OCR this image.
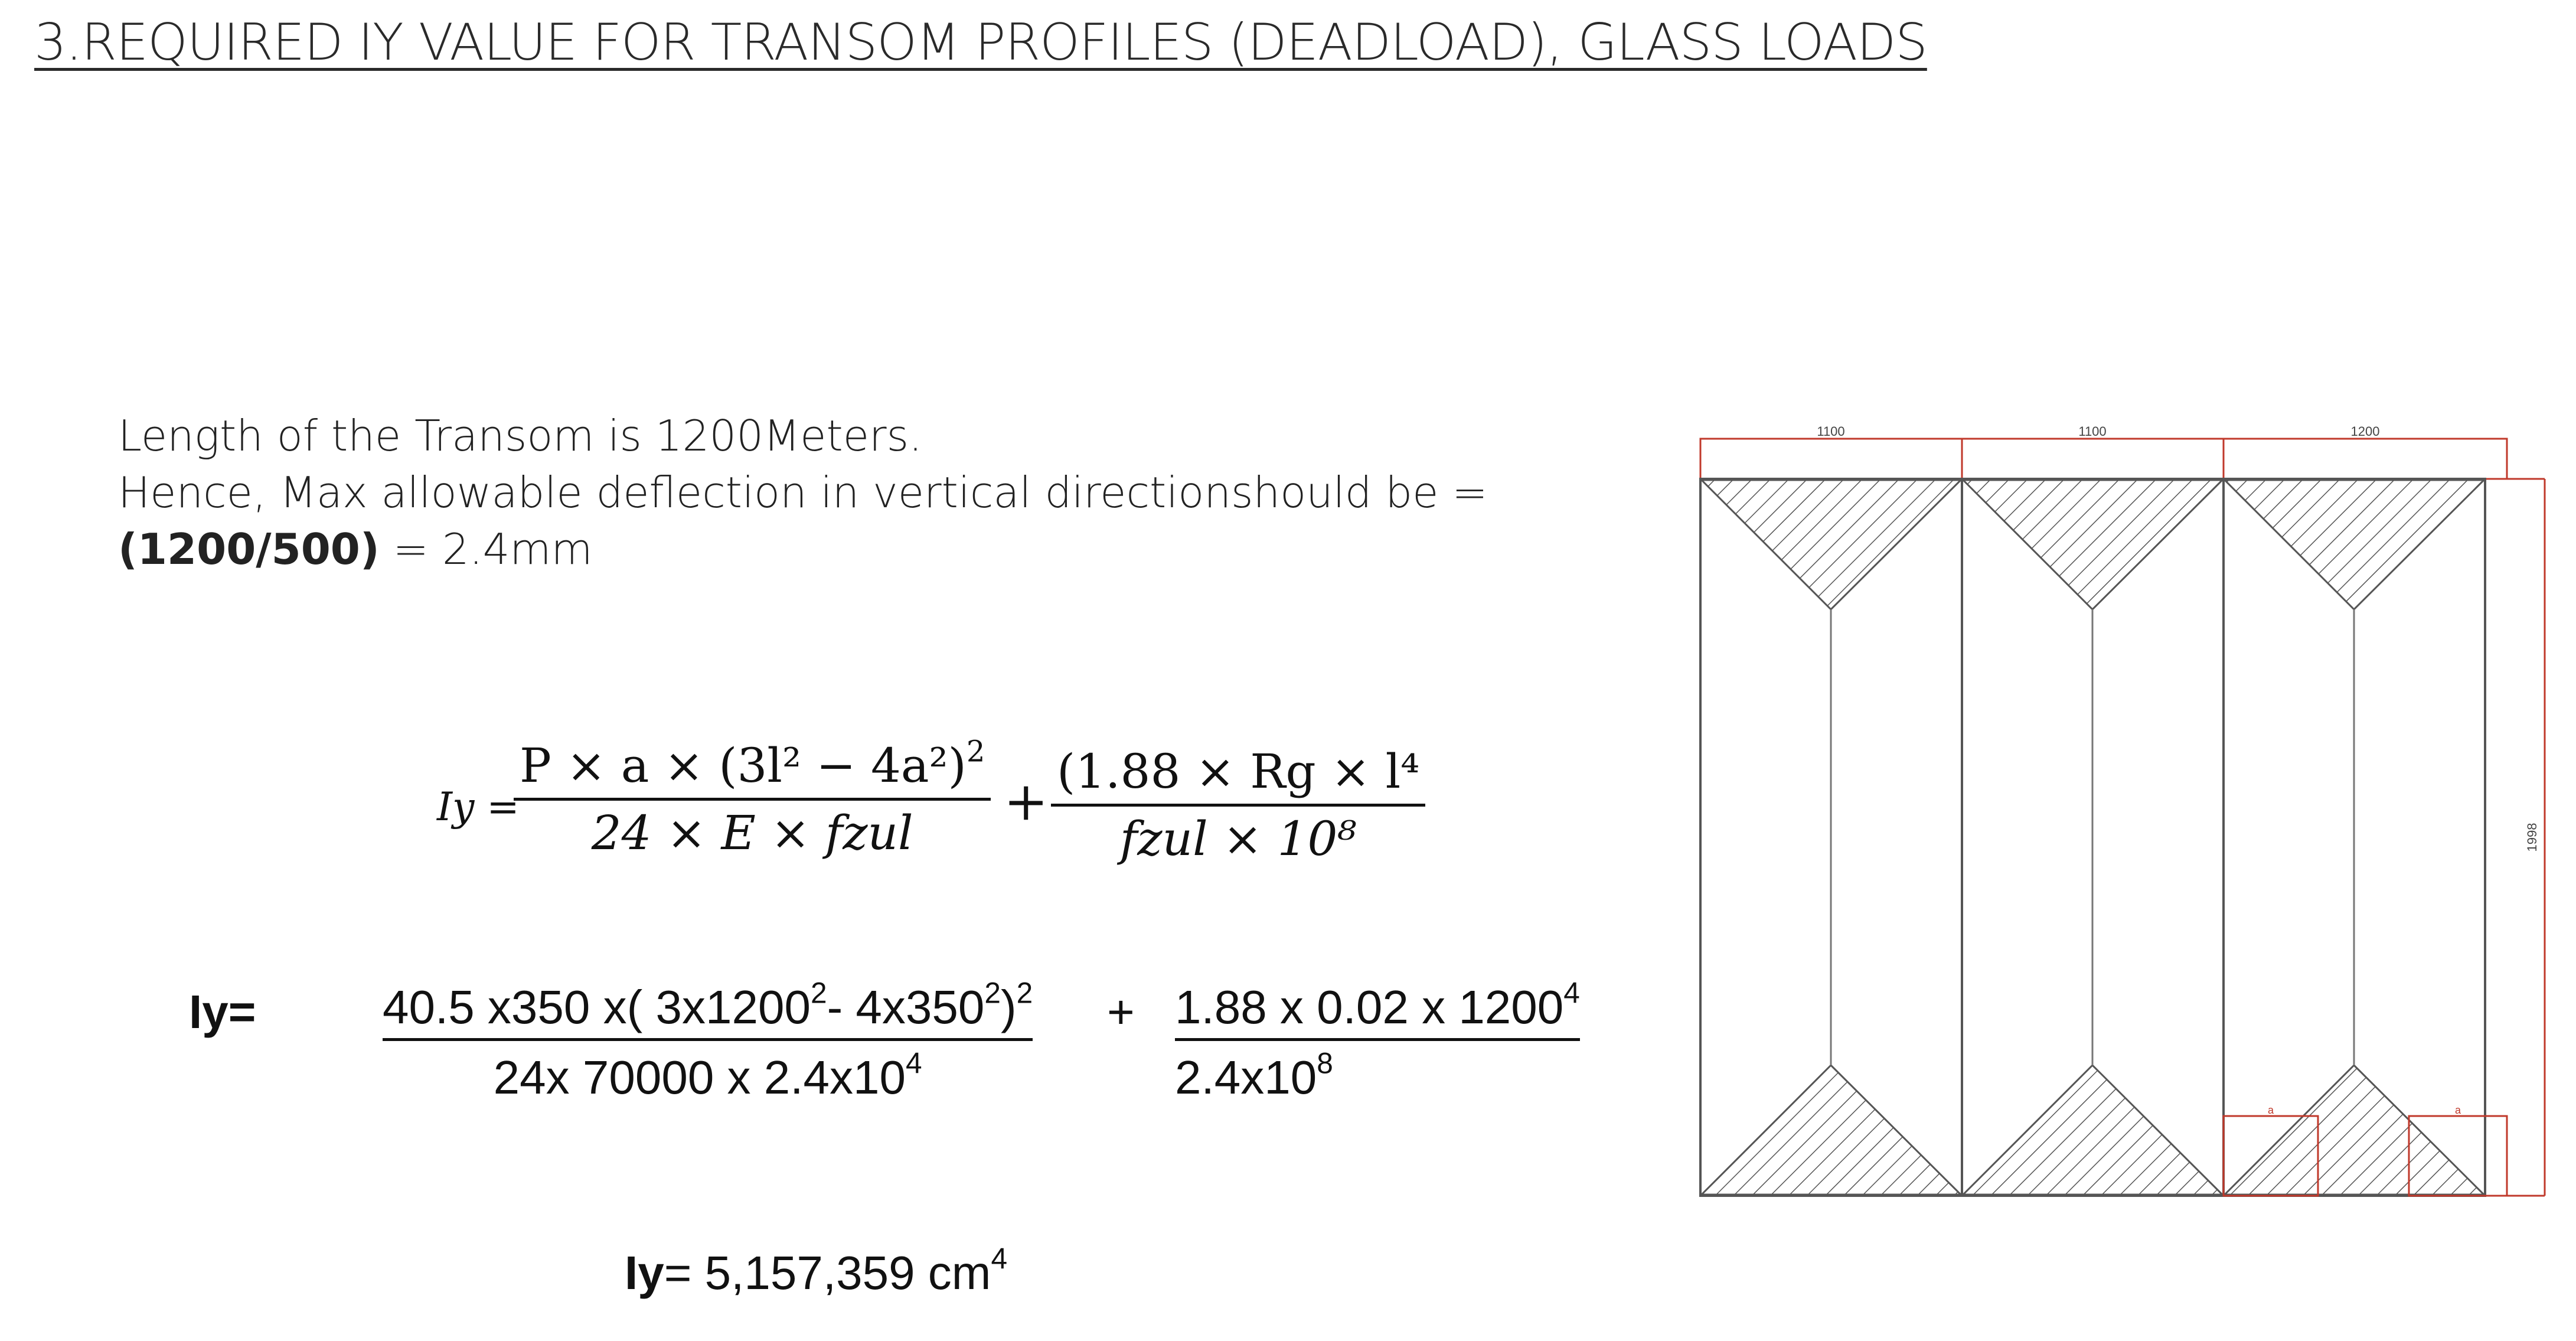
3.REQUIRED IY VALUE FOR TRANSOM PROFILES (DEADLOAD), GLASS LOADS
Length of the Transom is 1200Meters.
Hence, Max allowable deflection in vertical directionshould be =
(1200/500) = 2.4mm
Iy =
$P \times a \times (3l^2 - 4a^2)^2$
24 × E × fzul
+ (1.88 × Rg × l⁴
fzul × 10⁸
Iy=	$\frac{40.5 x350 x( 3x1200^2- 4x350^2)^2}{24x 70000 x 2.4x10^4} + \frac{1.88 x 0.02 x 1200^4}{2.4x10^8}$
Iy= 5,157,359 $cm^4$
1100	1100	1200
1998
a	a
